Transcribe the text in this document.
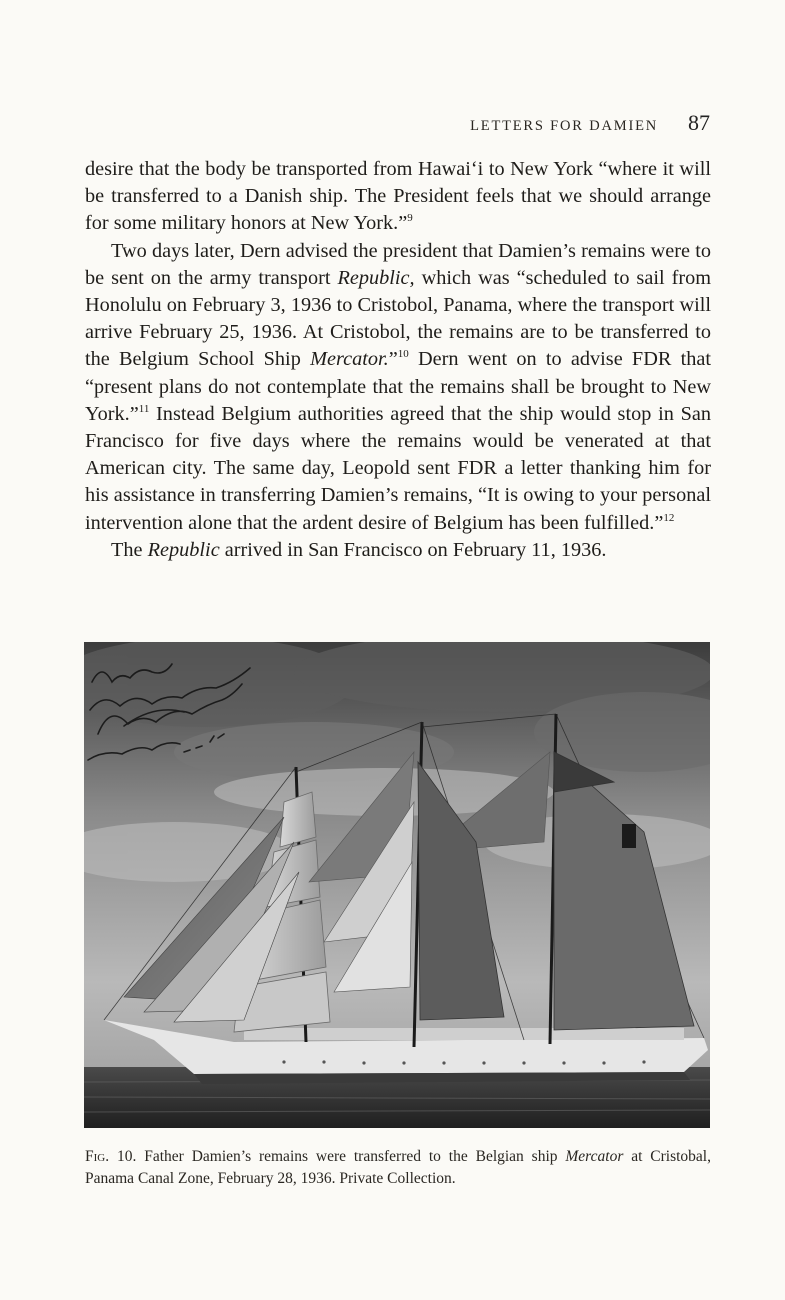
LETTERS FOR DAMIEN 87

desire that the body be transported from Hawai‘i to New York “where it will be transferred to a Danish ship. The President feels that we should arrange for some military honors at New York.”$^9$

Two days later, Dern advised the president that Damien’s remains were to be sent on the army transport Republic, which was “scheduled to sail from Honolulu on February 3, 1936 to Cristobol, Panama, where the transport will arrive February 25, 1936. At Cristobol, the remains are to be transferred to the Belgium School Ship Mercator.”$^{10}$ Dern went on to advise FDR that “present plans do not contemplate that the remains shall be brought to New York.”$^{11}$ Instead Belgium authorities agreed that the ship would stop in San Francisco for five days where the remains would be venerated at that American city. The same day, Leopold sent FDR a letter thanking him for his assistance in transferring Damien’s remains, “It is owing to your personal intervention alone that the ardent desire of Belgium has been fulfilled.”$^{12}$

The Republic arrived in San Francisco on February 11, 1936.

Fig. 10. Father Damien’s remains were transferred to the Belgian ship Mercator at Cristobal, Panama Canal Zone, February 28, 1936. Private Collection.
